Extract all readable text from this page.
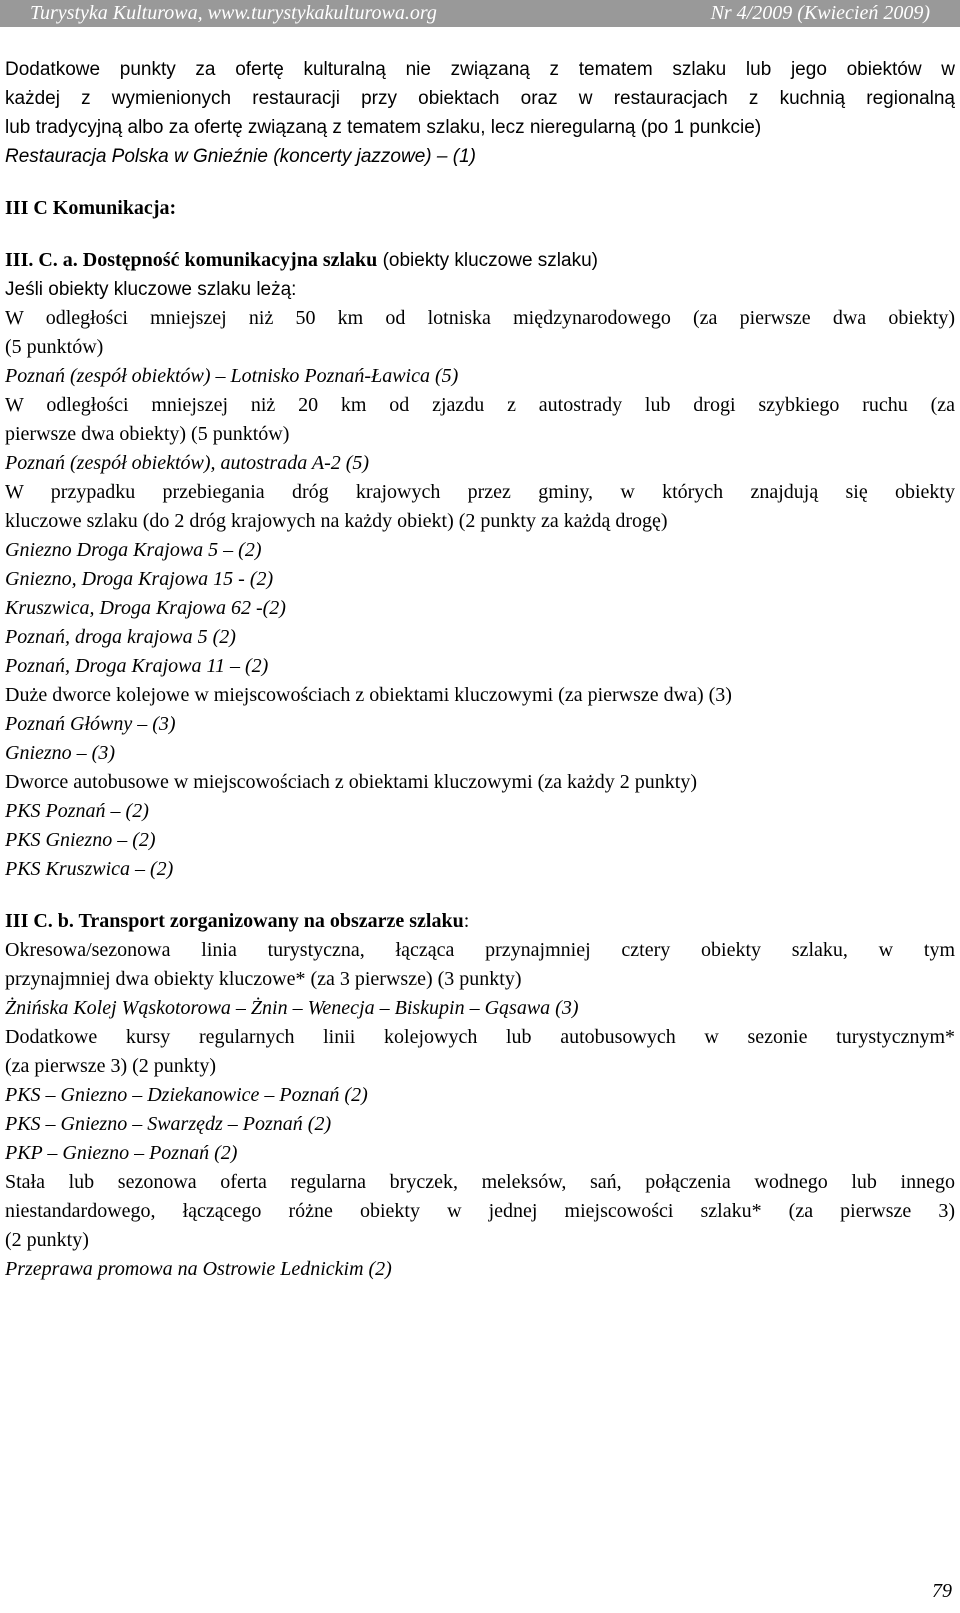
Turystyka Kulturowa, www.turystykakulturowa.org	Nr 4/2009 (Kwiecień 2009)
Dodatkowe punkty za ofertę kulturalną nie związaną z tematem szlaku lub jego obiektów w
każdej z wymienionych restauracji przy obiektach oraz w restauracjach z kuchnią regionalną
lub tradycyjną albo za ofertę związaną z tematem szlaku, lecz nieregularną (po 1 punkcie)
Restauracja Polska w Gnieźnie (koncerty jazzowe) – (1)
III C Komunikacja:
III. C. a. Dostępność komunikacyjna szlaku (obiekty kluczowe szlaku)
Jeśli obiekty kluczowe szlaku leżą:
W odległości mniejszej niż 50 km od lotniska międzynarodowego (za pierwsze dwa obiekty)
(5 punktów)
Poznań (zespół obiektów) – Lotnisko Poznań-Ławica (5)
W odległości mniejszej niż 20 km od zjazdu z autostrady lub drogi szybkiego ruchu (za
pierwsze dwa obiekty) (5 punktów)
Poznań (zespół obiektów), autostrada A-2 (5)
W przypadku przebiegania dróg krajowych przez gminy, w których znajdują się obiekty
kluczowe szlaku (do 2 dróg krajowych na każdy obiekt) (2 punkty za każdą drogę)
Gniezno Droga Krajowa 5 – (2)
Gniezno, Droga Krajowa 15 - (2)
Kruszwica, Droga Krajowa 62 -(2)
Poznań, droga krajowa 5 (2)
Poznań, Droga Krajowa 11 – (2)
Duże dworce kolejowe w miejscowościach z obiektami kluczowymi (za pierwsze dwa) (3)
Poznań Główny – (3)
Gniezno – (3)
Dworce autobusowe w miejscowościach z obiektami kluczowymi (za każdy 2 punkty)
PKS Poznań – (2)
PKS Gniezno – (2)
PKS Kruszwica – (2)
III C. b. Transport zorganizowany na obszarze szlaku:
Okresowa/sezonowa linia turystyczna, łącząca przynajmniej cztery obiekty szlaku, w tym
przynajmniej dwa obiekty kluczowe* (za 3 pierwsze) (3 punkty)
Żnińska Kolej Wąskotorowa – Żnin – Wenecja – Biskupin – Gąsawa (3)
Dodatkowe kursy regularnych linii kolejowych lub autobusowych w sezonie turystycznym*
(za pierwsze 3) (2 punkty)
PKS – Gniezno – Dziekanowice – Poznań (2)
PKS – Gniezno – Swarzędz – Poznań (2)
PKP – Gniezno – Poznań (2)
Stała lub sezonowa oferta regularna bryczek, meleksów, sań, połączenia wodnego lub innego
niestandardowego, łączącego różne obiekty w jednej miejscowości szlaku* (za pierwsze 3)
(2 punkty)
Przeprawa promowa na Ostrowie Lednickim (2)
79
